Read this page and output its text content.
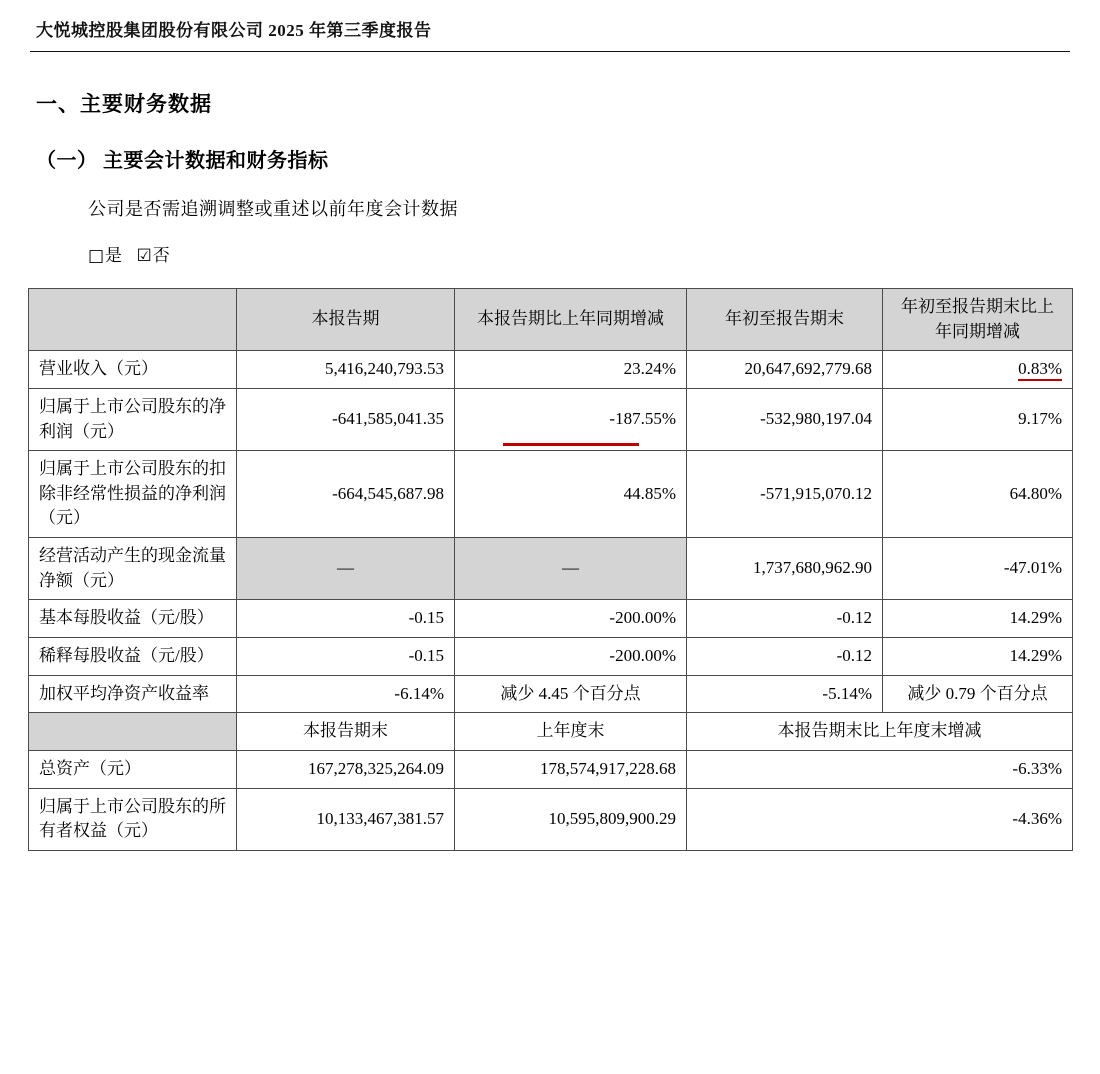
大悦城控股集团股份有限公司 2025 年第三季度报告
一、主要财务数据
（一） 主要会计数据和财务指标
公司是否需追溯调整或重述以前年度会计数据
□是 ☑否
	本报告期	本报告期比上年同期增减	年初至报告期末	年初至报告期末比上年同期增减
营业收入（元）	5,416,240,793.53	23.24%	20,647,692,779.68	0.83%
归属于上市公司股东的净利润（元）	-641,585,041.35	-187.55%	-532,980,197.04	9.17%
归属于上市公司股东的扣除非经常性损益的净利润（元）	-664,545,687.98	44.85%	-571,915,070.12	64.80%
经营活动产生的现金流量净额（元）	—	—	1,737,680,962.90	-47.01%
基本每股收益（元/股）	-0.15	-200.00%	-0.12	14.29%
稀释每股收益（元/股）	-0.15	-200.00%	-0.12	14.29%
加权平均净资产收益率	-6.14%	减少 4.45 个百分点	-5.14%	减少 0.79 个百分点
	本报告期末	上年度末	本报告期末比上年度末增减	
总资产（元）	167,278,325,264.09	178,574,917,228.68	-6.33%	
归属于上市公司股东的所有者权益（元）	10,133,467,381.57	10,595,809,900.29	-4.36%	
